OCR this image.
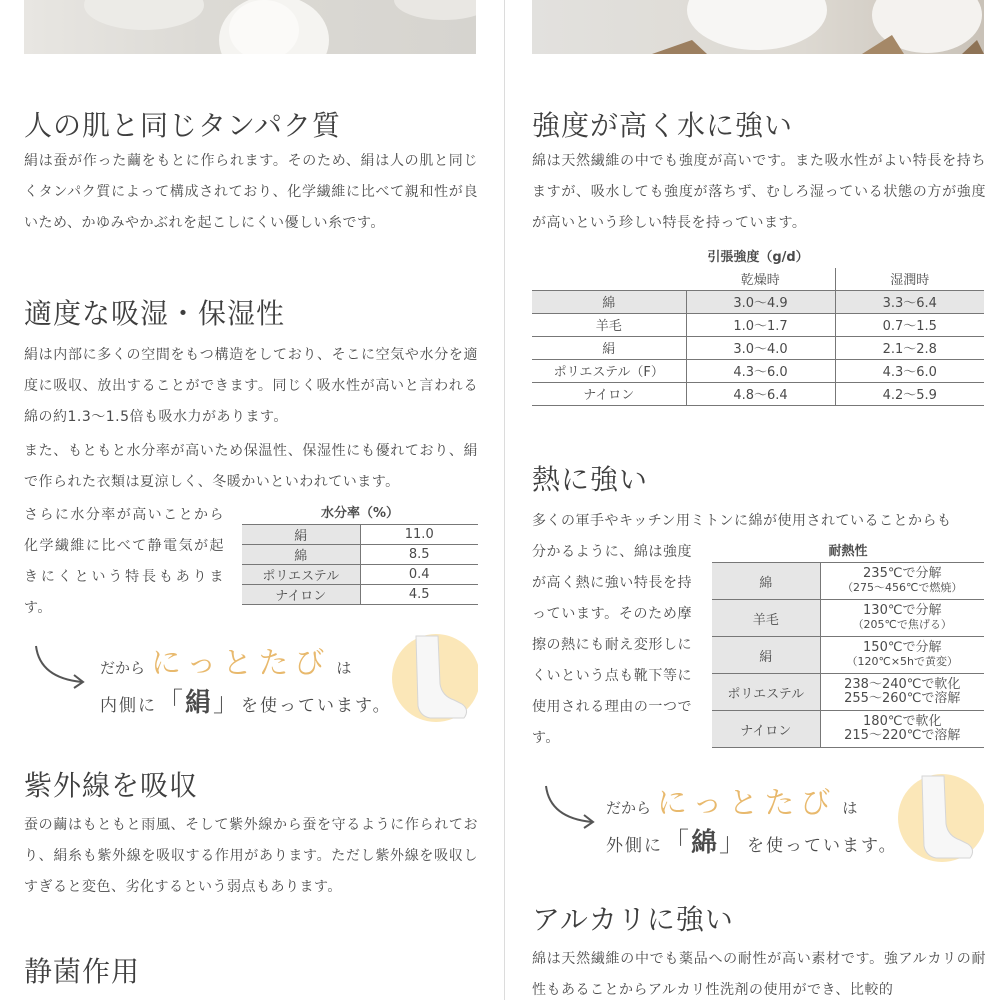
人の肌と同じタンパク質

絹は蚕が作った繭をもとに作られます。そのため、絹は人の肌と同じくタンパク質によって構成されており、化学繊維に比べて親和性が良いため、かゆみやかぶれを起こしにくい優しい糸です。

適度な吸湿・保湿性

絹は内部に多くの空間をもつ構造をしており、そこに空気や水分を適度に吸収、放出することができます。同じく吸水性が高いと言われる綿の約1.3〜1.5倍も吸水力があります。

また、もともと水分率が高いため保温性、保湿性にも優れており、絹で作られた衣類は夏涼しく、冬暖かいといわれています。

さらに水分率が高いことから化学繊維に比べて静電気が起きにくという特長もあります。

水分率（%）
絹	11.0
綿	8.5
ポリエステル	0.4
ナイロン	4.5
だから にっとたび は
内側に「絹」を使っています。
紫外線を吸収

蚕の繭はもともと雨風、そして紫外線から蚕を守るように作られており、絹糸も紫外線を吸収する作用があります。ただし紫外線を吸収しすぎると変色、劣化するという弱点もあります。

静菌作用
強度が高く水に強い

綿は天然繊維の中でも強度が高いです。また吸水性がよい特長を持ちますが、吸水しても強度が落ちず、むしろ湿っている状態の方が強度が高いという珍しい特長を持っています。

引張強度（g/d）
	乾燥時	湿潤時
綿	3.0〜4.9	3.3〜6.4
羊毛	1.0〜1.7	0.7〜1.5
絹	3.0〜4.0	2.1〜2.8
ポリエステル（F）	4.3〜6.0	4.3〜6.0
ナイロン	4.8〜6.4	4.2〜5.9
熱に強い

多くの軍手やキッチン用ミトンに綿が使用されていることからも

分かるように、綿は強度が高く熱に強い特長を持っています。そのため摩擦の熱にも耐え変形しにくいという点も靴下等に使用される理由の一つです。

耐熱性
綿	235℃で分解
（275〜456℃で燃焼）

羊毛	130℃で分解
（205℃で焦げる）

絹	150℃で分解
（120℃×5hで黄変）

ポリエステル	238〜240℃で軟化
255〜260℃で溶解

ナイロン	180℃で軟化
215〜220℃で溶解
だから にっとたび は
外側に「綿」を使っています。
アルカリに強い

綿は天然繊維の中でも薬品への耐性が高い素材です。強アルカリの耐性もあることからアルカリ性洗剤の使用ができ、比較的
